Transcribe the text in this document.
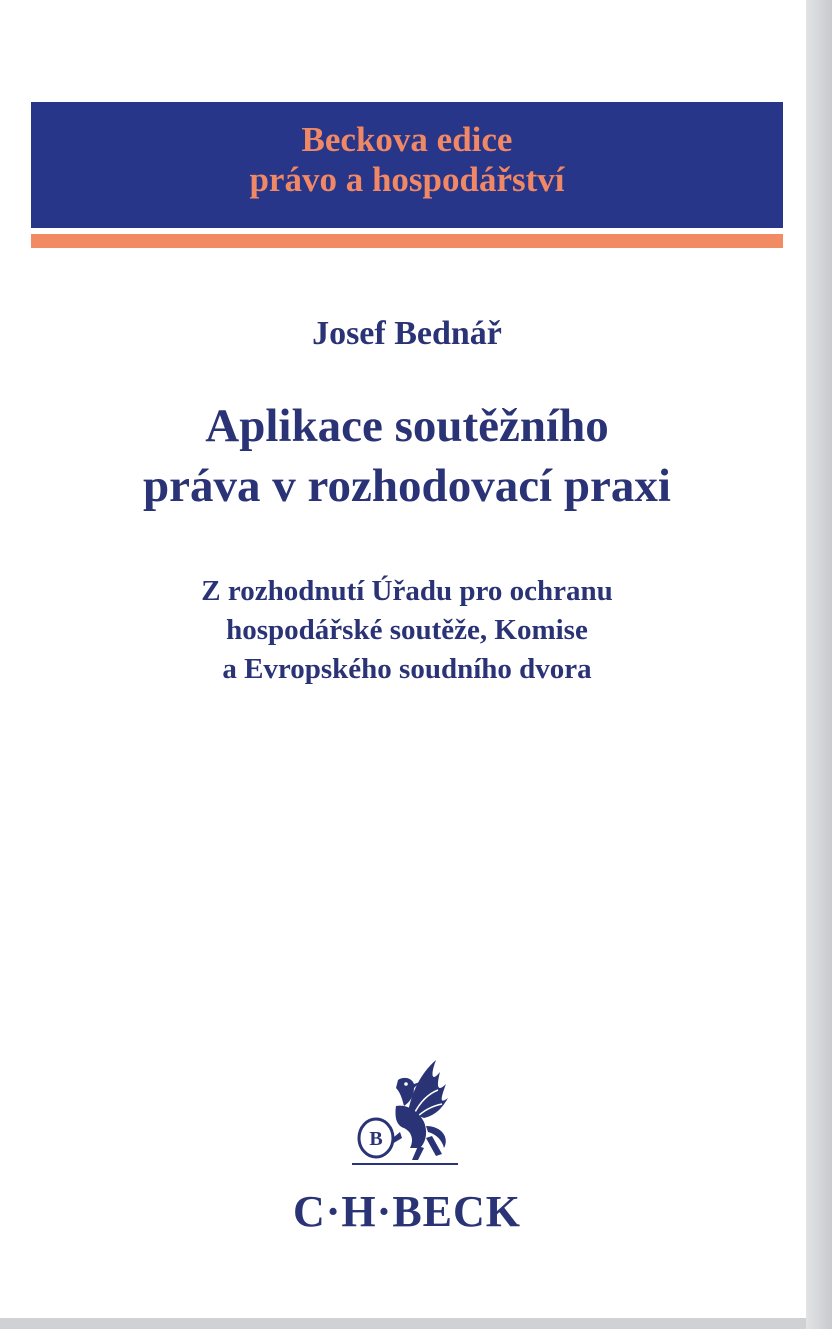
Beckova edice
právo a hospodářství
Josef Bednář
Aplikace soutěžního
práva v rozhodovací praxi
Z rozhodnutí Úřadu pro ochranu
hospodářské soutěže, Komise
a Evropského soudního dvora
B
C·H·BECK
